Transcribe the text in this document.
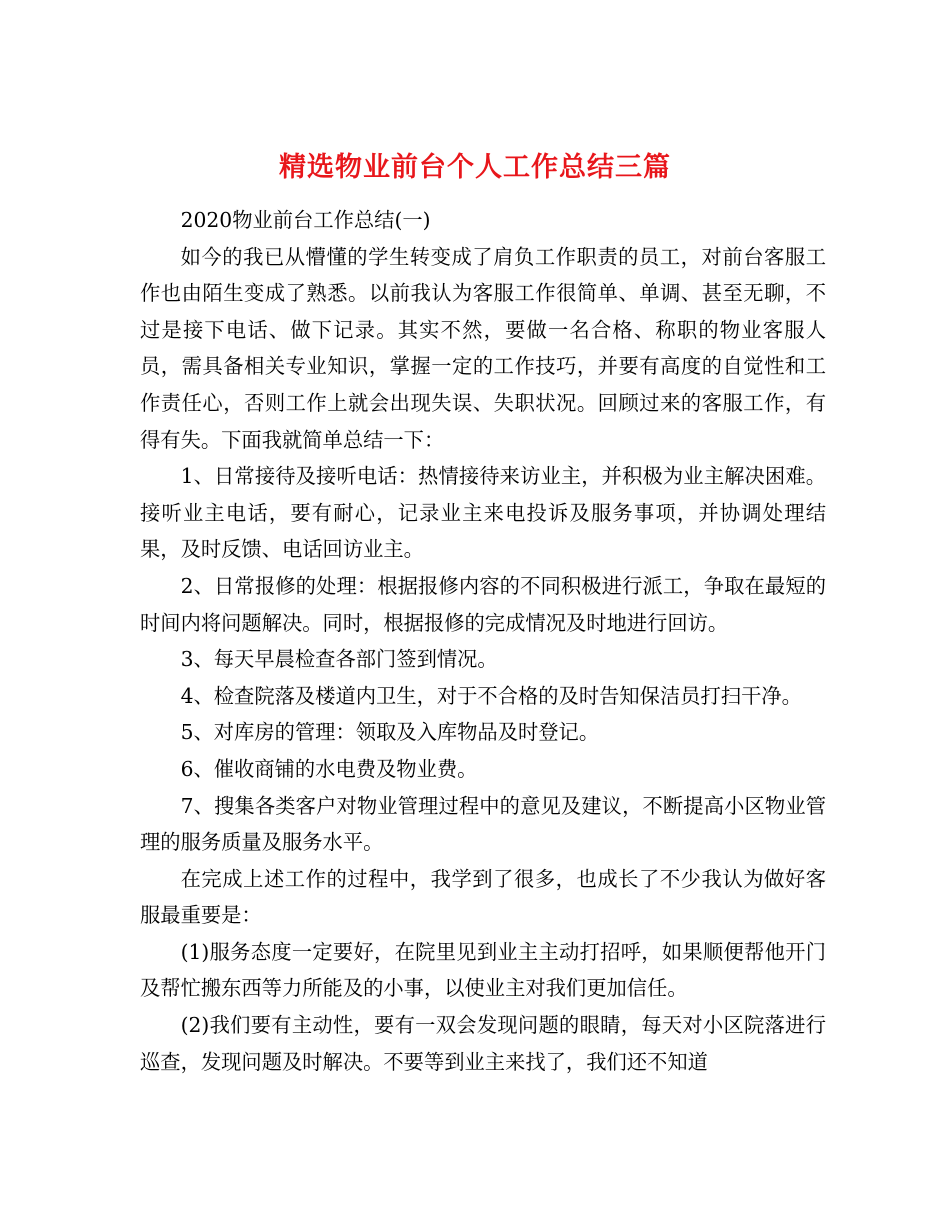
精选物业前台个人工作总结三篇

2020物业前台工作总结(一)

如今的我已从懵懂的学生转变成了肩负工作职责的员工，对前台客服工作也由陌生变成了熟悉。以前我认为客服工作很简单、单调、甚至无聊，不过是接下电话、做下记录。其实不然，要做一名合格、称职的物业客服人员，需具备相关专业知识，掌握一定的工作技巧，并要有高度的自觉性和工作责任心，否则工作上就会出现失误、失职状况。回顾过来的客服工作，有得有失。下面我就简单总结一下：

1、日常接待及接听电话：热情接待来访业主，并积极为业主解决困难。接听业主电话，要有耐心，记录业主来电投诉及服务事项，并协调处理结果，及时反馈、电话回访业主。

2、日常报修的处理：根据报修内容的不同积极进行派工，争取在最短的时间内将问题解决。同时，根据报修的完成情况及时地进行回访。

3、每天早晨检查各部门签到情况。

4、检查院落及楼道内卫生，对于不合格的及时告知保洁员打扫干净。

5、对库房的管理：领取及入库物品及时登记。

6、催收商铺的水电费及物业费。

7、搜集各类客户对物业管理过程中的意见及建议，不断提高小区物业管理的服务质量及服务水平。

在完成上述工作的过程中，我学到了很多，也成长了不少我认为做好客服最重要是：

(1)服务态度一定要好，在院里见到业主主动打招呼，如果顺便帮他开门及帮忙搬东西等力所能及的小事，以使业主对我们更加信任。

(2)我们要有主动性，要有一双会发现问题的眼睛，每天对小区院落进行巡查，发现问题及时解决。不要等到业主来找了，我们还不知道
